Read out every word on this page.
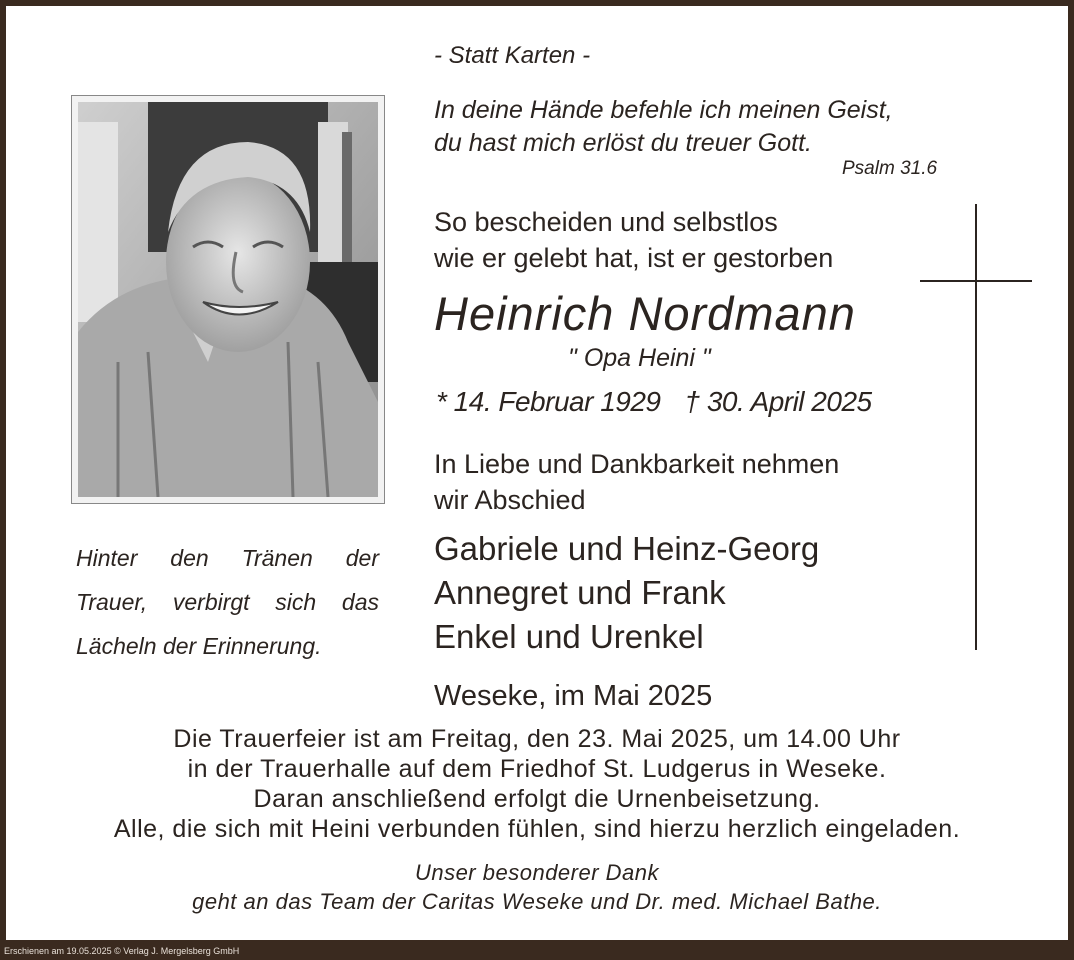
- Statt Karten -
In deine Hände befehle ich meinen Geist,
du hast mich erlöst du treuer Gott.
Psalm 31.6
So bescheiden und selbstlos
wie er gelebt hat, ist er gestorben
Heinrich Nordmann
" Opa Heini "
* 14. Februar 1929 † 30. April 2025
In Liebe und Dankbarkeit nehmen
wir Abschied
Hinter den Tränen der
Trauer, verbirgt sich das
Lächeln der Erinnerung.
Gabriele und Heinz-Georg
Annegret und Frank
Enkel und Urenkel
Weseke, im Mai 2025
Die Trauerfeier ist am Freitag, den 23. Mai 2025, um 14.00 Uhr
in der Trauerhalle auf dem Friedhof St. Ludgerus in Weseke.
Daran anschließend erfolgt die Urnenbeisetzung.
Alle, die sich mit Heini verbunden fühlen, sind hierzu herzlich eingeladen.
Unser besonderer Dank
geht an das Team der Caritas Weseke und Dr. med. Michael Bathe.
Erschienen am 19.05.2025 © Verlag J. Mergelsberg GmbH
